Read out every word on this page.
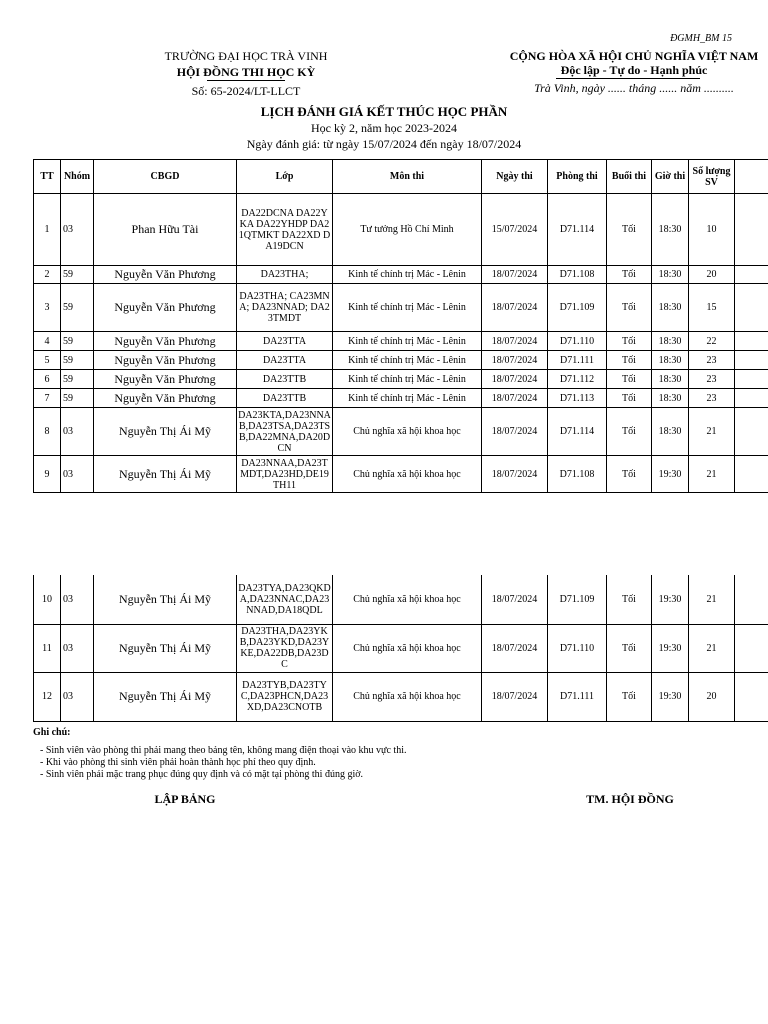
ĐGMH_BM 15
TRƯỜNG ĐẠI HỌC TRÀ VINH
HỘI ĐỒNG THI HỌC KỲ
Số: 65-2024/LT-LLCT
CỘNG HÒA XÃ HỘI CHỦ NGHĨA VIỆT NAM
Độc lập - Tự do - Hạnh phúc
Trà Vinh, ngày ...... tháng ...... năm ..........
LỊCH ĐÁNH GIÁ KẾT THÚC HỌC PHẦN
Học kỳ 2, năm học 2023-2024
Ngày đánh giá: từ ngày 15/07/2024 đến ngày 18/07/2024
TT	Nhóm	CBGD	Lớp	Môn thi	Ngày thi	Phòng thi	Buổi thi	Giờ thi	Số lượng SV	
1	03	Phan Hữu Tài	DA22DCNA DA22YKA DA22YHDP DA21QTMKT DA22XD DA19DCN	Tư tưởng Hồ Chí Minh	15/07/2024	D71.114	Tối	18:30	10	
2	59	Nguyễn Văn Phương	DA23THA;	Kinh tế chính trị Mác - Lênin	18/07/2024	D71.108	Tối	18:30	20	
3	59	Nguyễn Văn Phương	DA23THA; CA23MNA; DA23NNAD; DA23TMDT	Kinh tế chính trị Mác - Lênin	18/07/2024	D71.109	Tối	18:30	15	
4	59	Nguyễn Văn Phương	DA23TTA	Kinh tế chính trị Mác - Lênin	18/07/2024	D71.110	Tối	18:30	22	
5	59	Nguyễn Văn Phương	DA23TTA	Kinh tế chính trị Mác - Lênin	18/07/2024	D71.111	Tối	18:30	23	
6	59	Nguyễn Văn Phương	DA23TTB	Kinh tế chính trị Mác - Lênin	18/07/2024	D71.112	Tối	18:30	23	
7	59	Nguyễn Văn Phương	DA23TTB	Kinh tế chính trị Mác - Lênin	18/07/2024	D71.113	Tối	18:30	23	
8	03	Nguyễn Thị Ái Mỹ	DA23KTA,DA23NNAB,DA23TSA,DA23TSB,DA22MNA,DA20DCN	Chủ nghĩa xã hội khoa học	18/07/2024	D71.114	Tối	18:30	21	
9	03	Nguyễn Thị Ái Mỹ	DA23NNAA,DA23TMDT,DA23HD,DE19TH11	Chủ nghĩa xã hội khoa học	18/07/2024	D71.108	Tối	19:30	21	
10	03	Nguyễn Thị Ái Mỹ	DA23TYA,DA23QKDA,DA23NNAC,DA23NNAD,DA18QDL	Chủ nghĩa xã hội khoa học	18/07/2024	D71.109	Tối	19:30	21	
11	03	Nguyễn Thị Ái Mỹ	DA23THA,DA23YKB,DA23YKD,DA23YKE,DA22DB,DA23DC	Chủ nghĩa xã hội khoa học	18/07/2024	D71.110	Tối	19:30	21	
12	03	Nguyễn Thị Ái Mỹ	DA23TYB,DA23TYC,DA23PHCN,DA23XD,DA23CNOTB	Chủ nghĩa xã hội khoa học	18/07/2024	D71.111	Tối	19:30	20	
Ghi chú:
- Sinh viên vào phòng thi phải mang theo bảng tên, không mang điện thoại vào khu vực thi.
- Khi vào phòng thi sinh viên phải hoàn thành học phí theo quy định.
- Sinh viên phải mặc trang phục đúng quy định và có mặt tại phòng thi đúng giờ.
LẬP BẢNG	TM. HỘI ĐỒNG
